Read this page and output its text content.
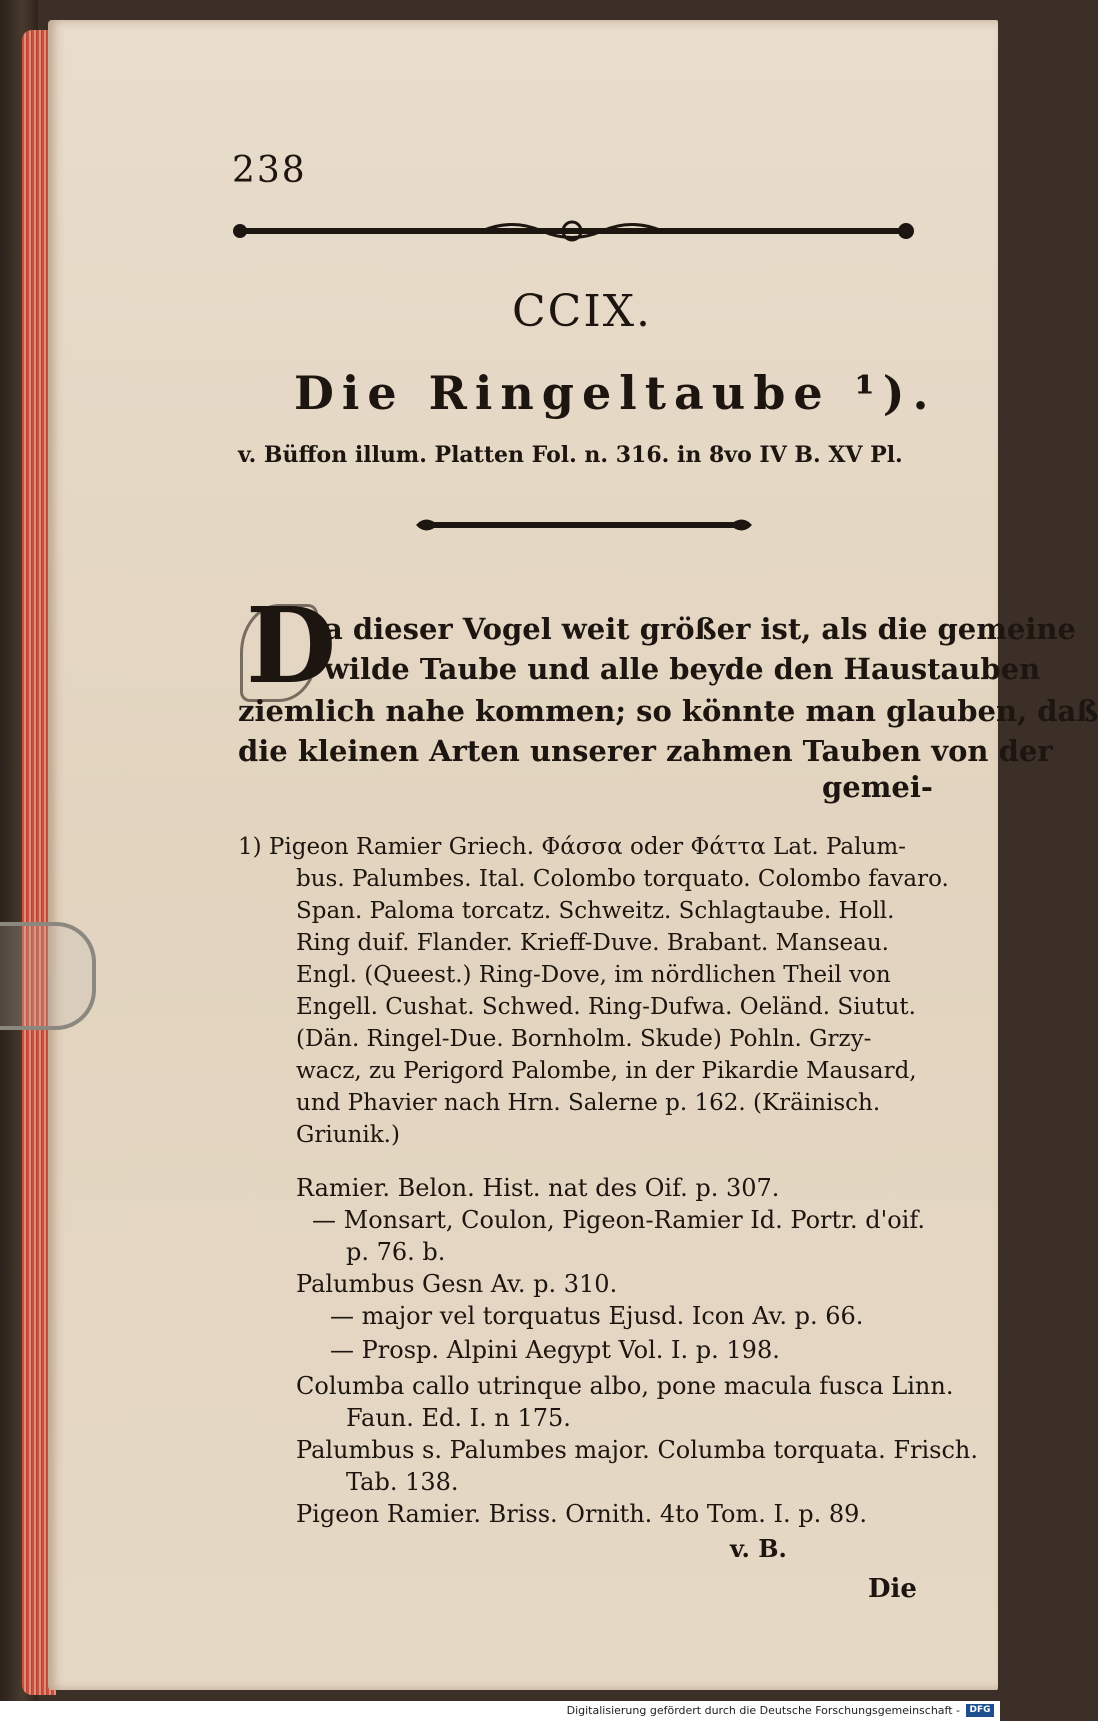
238
CCIX.
Die Ringeltaube ¹).
v. Büffon illum. Platten Fol. n. 316. in 8vo IV B. XV Pl.
D
a dieser Vogel weit größer ist, als die gemeine
wilde Taube und alle beyde den Haustauben
ziemlich nahe kommen; so könnte man glauben, daß
die kleinen Arten unserer zahmen Tauben von der
gemei-
1) Pigeon Ramier Griech. Φάσσα oder Φάττα Lat. Palum-
bus. Palumbes. Ital. Colombo torquato. Colombo favaro.
Span. Paloma torcatz. Schweitz. Schlagtaube. Holl.
Ring duif. Flander. Krieff-Duve. Brabant. Manseau.
Engl. (Queest.) Ring-Dove, im nördlichen Theil von
Engell. Cushat. Schwed. Ring-Dufwa. Oeländ. Siutut.
(Dän. Ringel-Due. Bornholm. Skude) Pohln. Grzy-
wacz, zu Perigord Palombe, in der Pikardie Mausard,
und Phavier nach Hrn. Salerne p. 162. (Kräinisch.
Griunik.)
Ramier. Belon. Hist. nat des Oif. p. 307.
— Monsart, Coulon, Pigeon-Ramier Id. Portr. d'oif.
p. 76. b.
Palumbus Gesn Av. p. 310.
— major vel torquatus Ejusd. Icon Av. p. 66.
— Prosp. Alpini Aegypt Vol. I. p. 198.
Columba callo utrinque albo, pone macula fusca Linn.
Faun. Ed. I. n 175.
Palumbus s. Palumbes major. Columba torquata. Frisch.
Tab. 138.
Pigeon Ramier. Briss. Ornith. 4to Tom. I. p. 89.
v. B.
Die
Digitalisierung gefördert durch die Deutsche Forschungsgemeinschaft -	DFG
